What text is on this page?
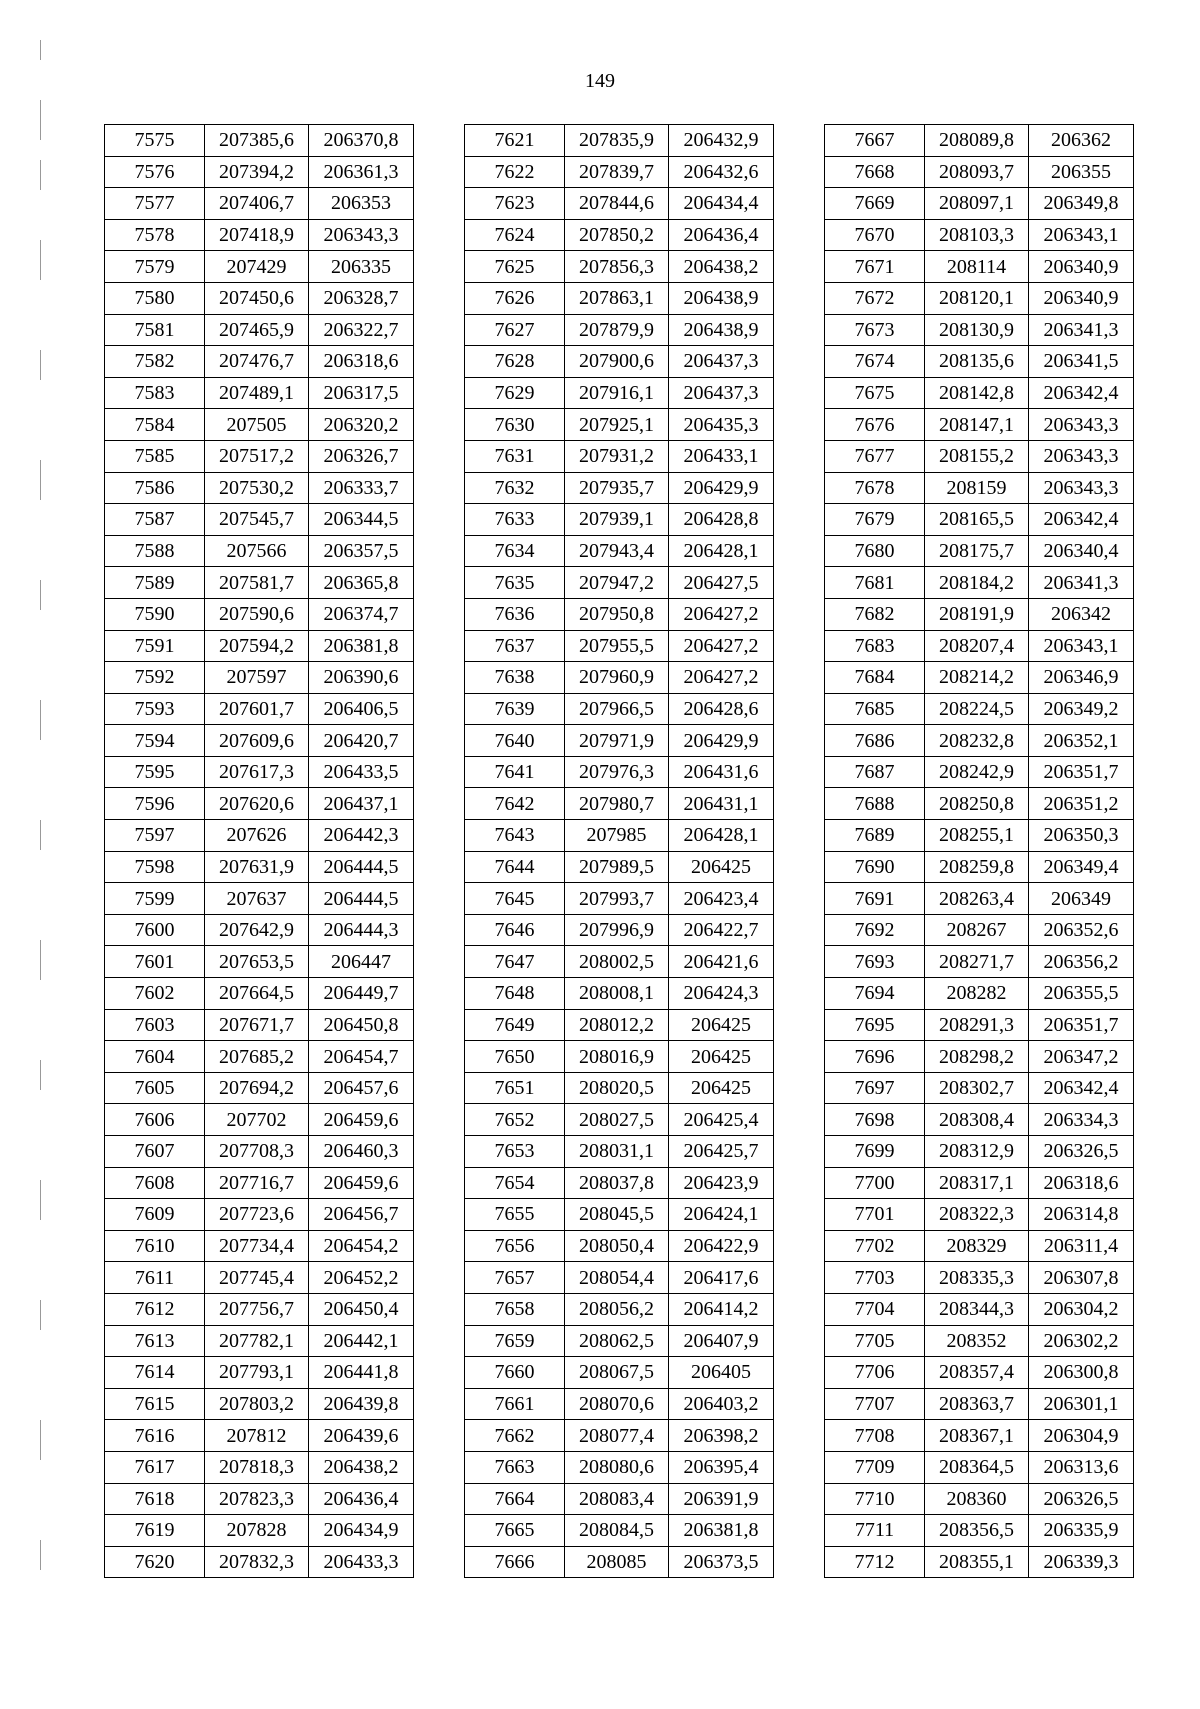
149
7575	207385,6	206370,8
7576	207394,2	206361,3
7577	207406,7	206353
7578	207418,9	206343,3
7579	207429	206335
7580	207450,6	206328,7
7581	207465,9	206322,7
7582	207476,7	206318,6
7583	207489,1	206317,5
7584	207505	206320,2
7585	207517,2	206326,7
7586	207530,2	206333,7
7587	207545,7	206344,5
7588	207566	206357,5
7589	207581,7	206365,8
7590	207590,6	206374,7
7591	207594,2	206381,8
7592	207597	206390,6
7593	207601,7	206406,5
7594	207609,6	206420,7
7595	207617,3	206433,5
7596	207620,6	206437,1
7597	207626	206442,3
7598	207631,9	206444,5
7599	207637	206444,5
7600	207642,9	206444,3
7601	207653,5	206447
7602	207664,5	206449,7
7603	207671,7	206450,8
7604	207685,2	206454,7
7605	207694,2	206457,6
7606	207702	206459,6
7607	207708,3	206460,3
7608	207716,7	206459,6
7609	207723,6	206456,7
7610	207734,4	206454,2
7611	207745,4	206452,2
7612	207756,7	206450,4
7613	207782,1	206442,1
7614	207793,1	206441,8
7615	207803,2	206439,8
7616	207812	206439,6
7617	207818,3	206438,2
7618	207823,3	206436,4
7619	207828	206434,9
7620	207832,3	206433,3
7621	207835,9	206432,9
7622	207839,7	206432,6
7623	207844,6	206434,4
7624	207850,2	206436,4
7625	207856,3	206438,2
7626	207863,1	206438,9
7627	207879,9	206438,9
7628	207900,6	206437,3
7629	207916,1	206437,3
7630	207925,1	206435,3
7631	207931,2	206433,1
7632	207935,7	206429,9
7633	207939,1	206428,8
7634	207943,4	206428,1
7635	207947,2	206427,5
7636	207950,8	206427,2
7637	207955,5	206427,2
7638	207960,9	206427,2
7639	207966,5	206428,6
7640	207971,9	206429,9
7641	207976,3	206431,6
7642	207980,7	206431,1
7643	207985	206428,1
7644	207989,5	206425
7645	207993,7	206423,4
7646	207996,9	206422,7
7647	208002,5	206421,6
7648	208008,1	206424,3
7649	208012,2	206425
7650	208016,9	206425
7651	208020,5	206425
7652	208027,5	206425,4
7653	208031,1	206425,7
7654	208037,8	206423,9
7655	208045,5	206424,1
7656	208050,4	206422,9
7657	208054,4	206417,6
7658	208056,2	206414,2
7659	208062,5	206407,9
7660	208067,5	206405
7661	208070,6	206403,2
7662	208077,4	206398,2
7663	208080,6	206395,4
7664	208083,4	206391,9
7665	208084,5	206381,8
7666	208085	206373,5
7667	208089,8	206362
7668	208093,7	206355
7669	208097,1	206349,8
7670	208103,3	206343,1
7671	208114	206340,9
7672	208120,1	206340,9
7673	208130,9	206341,3
7674	208135,6	206341,5
7675	208142,8	206342,4
7676	208147,1	206343,3
7677	208155,2	206343,3
7678	208159	206343,3
7679	208165,5	206342,4
7680	208175,7	206340,4
7681	208184,2	206341,3
7682	208191,9	206342
7683	208207,4	206343,1
7684	208214,2	206346,9
7685	208224,5	206349,2
7686	208232,8	206352,1
7687	208242,9	206351,7
7688	208250,8	206351,2
7689	208255,1	206350,3
7690	208259,8	206349,4
7691	208263,4	206349
7692	208267	206352,6
7693	208271,7	206356,2
7694	208282	206355,5
7695	208291,3	206351,7
7696	208298,2	206347,2
7697	208302,7	206342,4
7698	208308,4	206334,3
7699	208312,9	206326,5
7700	208317,1	206318,6
7701	208322,3	206314,8
7702	208329	206311,4
7703	208335,3	206307,8
7704	208344,3	206304,2
7705	208352	206302,2
7706	208357,4	206300,8
7707	208363,7	206301,1
7708	208367,1	206304,9
7709	208364,5	206313,6
7710	208360	206326,5
7711	208356,5	206335,9
7712	208355,1	206339,3
